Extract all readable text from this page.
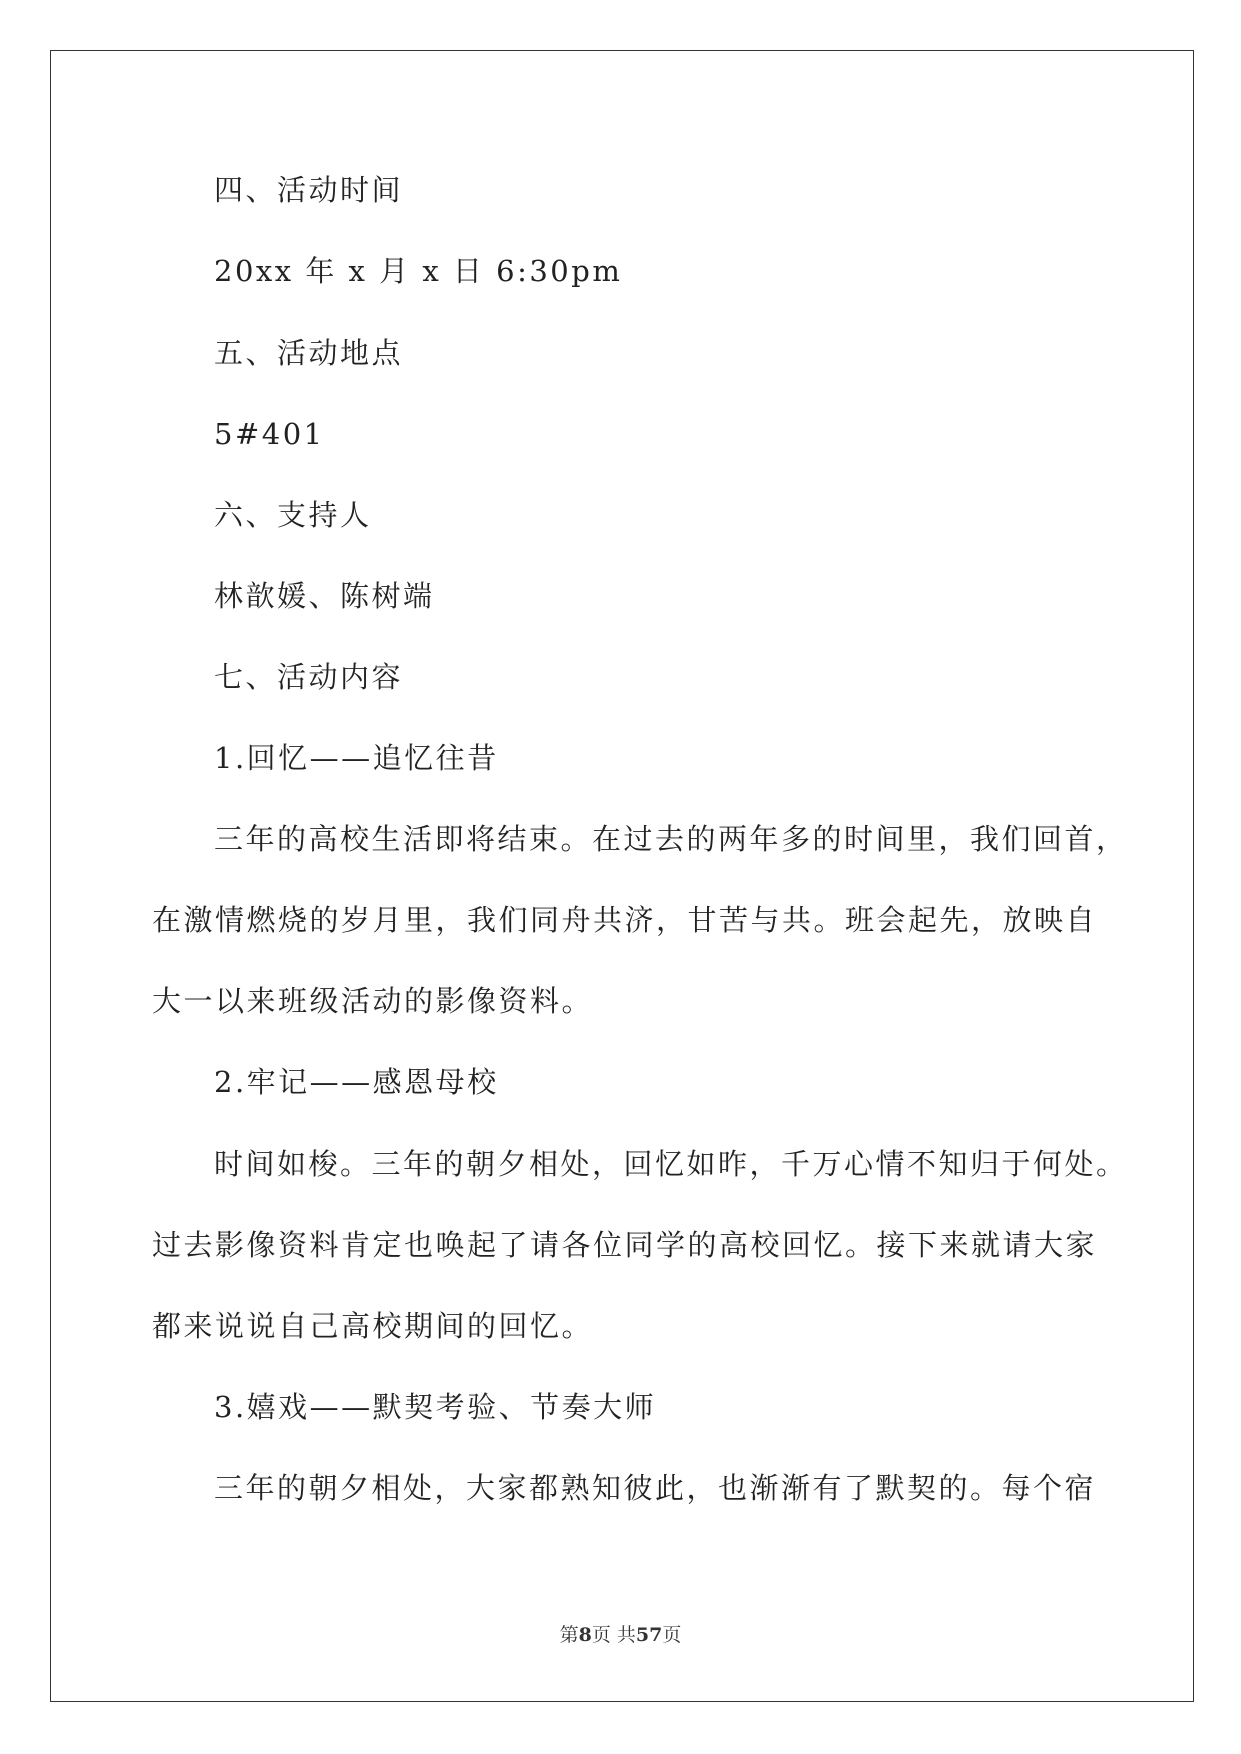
四、活动时间
20xx 年 x 月 x 日 6:30pm
五、活动地点
5#401
六、支持人
林歆媛、陈树端
七、活动内容
1.回忆——追忆往昔
三年的高校生活即将结束。在过去的两年多的时间里，我们回首，
在激情燃烧的岁月里，我们同舟共济，甘苦与共。班会起先，放映自
大一以来班级活动的影像资料。
2.牢记——感恩母校
时间如梭。三年的朝夕相处，回忆如昨，千万心情不知归于何处。
过去影像资料肯定也唤起了请各位同学的高校回忆。接下来就请大家
都来说说自己高校期间的回忆。
3.嬉戏——默契考验、节奏大师
三年的朝夕相处，大家都熟知彼此，也渐渐有了默契的。每个宿
第8页 共57页
